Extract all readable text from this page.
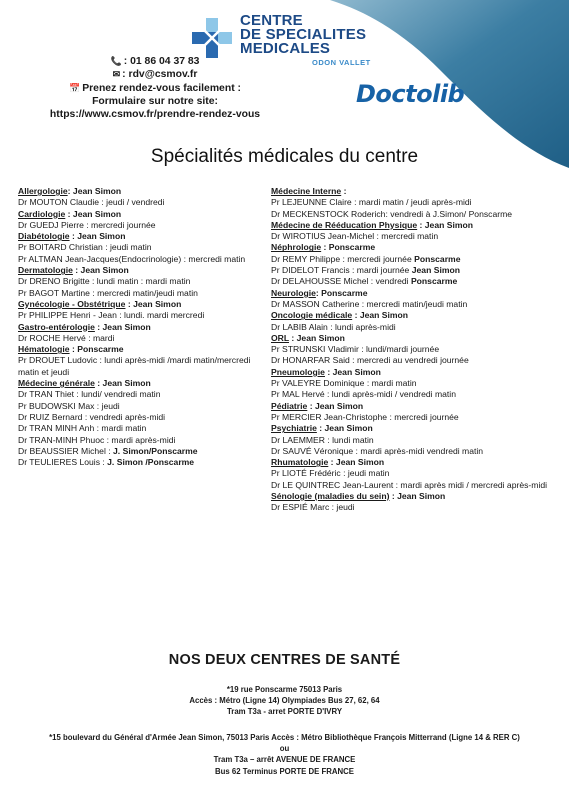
CENTRE
DE SPECIALITES
MEDICALES
ODON VALLET
📞 : 01 86 04 37 83
✉ : rdv@csmov.fr
📅 Prenez rendez-vous facilement :
Formulaire sur notre site:
https://www.csmov.fr/prendre-rendez-vous
Doctolib
Spécialités médicales du centre
Allergologie: Jean Simon
Dr MOUTON Claudie : jeudi / vendredi
Cardiologie : Jean Simon
Dr GUEDJ Pierre : mercredi journée
Diabétologie : Jean Simon
Pr BOITARD Christian : jeudi matin
Pr ALTMAN Jean-Jacques(Endocrinologie) : mercredi matin
Dermatologie : Jean Simon
Dr DRENO Brigitte : lundi matin : mardi matin
Pr BAGOT Martine : mercredi matin/jeudi matin
Gynécologie - Obstétrique : Jean Simon
Pr PHILIPPE Henri - Jean : lundi. mardi mercredi
Gastro-entérologie : Jean Simon
Dr ROCHE Hervé : mardi
Hématologie : Ponscarme
Pr DROUET Ludovic : lundi après-midi /mardi matin/mercredi matin et jeudi
Médecine générale : Jean Simon
Dr TRAN Thiet : lundi/ vendredi matin
Pr BUDOWSKI Max : jeudi
Dr RUIZ Bernard : vendredi après-midi
Dr TRAN MINH Anh : mardi matin
Dr TRAN-MINH Phuoc : mardi après-midi
Dr BEAUSSIER Michel : J. Simon/Ponscarme
Dr TEULIERES Louis : J. Simon /Ponscarme
Médecine Interne :
Pr LEJEUNNE Claire : mardi matin / jeudi après-midi
Dr MECKENSTOCK Roderich: vendredi à J.Simon/ Ponscarme
Médecine de Rééducation Physique : Jean Simon
Dr WIROTIUS Jean-Michel : mercredi matin
Néphrologie : Ponscarme
Dr REMY Philippe : mercredi journée Ponscarme
Pr DIDELOT Francis : mardi journée Jean Simon
Dr DELAHOUSSE Michel : vendredi Ponscarme
Neurologie: Ponscarme
Dr MASSON Catherine : mercredi matin/jeudi matin
Oncologie médicale : Jean Simon
Dr LABIB Alain : lundi après-midi
ORL : Jean Simon
Pr STRUNSKI Vladimir : lundi/mardi journée
Dr HONARFAR Said : mercredi au vendredi journée
Pneumologie : Jean Simon
Pr VALEYRE Dominique : mardi matin
Pr MAL Hervé : lundi après-midi / vendredi matin
Pédiatrie : Jean Simon
Pr MERCIER Jean-Christophe : mercredi journée
Psychiatrie : Jean Simon
Dr LAEMMER : lundi matin
Dr SAUVÉ Véronique : mardi après-midi vendredi matin
Rhumatologie : Jean Simon
Pr LIOTÉ Frédéric : jeudi matin
Dr LE QUINTREC Jean-Laurent : mardi après midi / mercredi après-midi
Sénologie (maladies du sein) : Jean Simon
Dr ESPIÉ Marc : jeudi
NOS DEUX CENTRES DE SANTÉ
*19 rue Ponscarme 75013 Paris
Accès : Métro (Ligne 14) Olympiades Bus 27, 62, 64
Tram T3a - arret PORTE D'IVRY
*15 boulevard du Général d'Armée Jean Simon, 75013 Paris Accès : Métro Bibliothèque François Mitterrand (Ligne 14 & RER C)
ou
Tram T3a – arrêt AVENUE DE FRANCE
Bus 62 Terminus PORTE DE FRANCE
